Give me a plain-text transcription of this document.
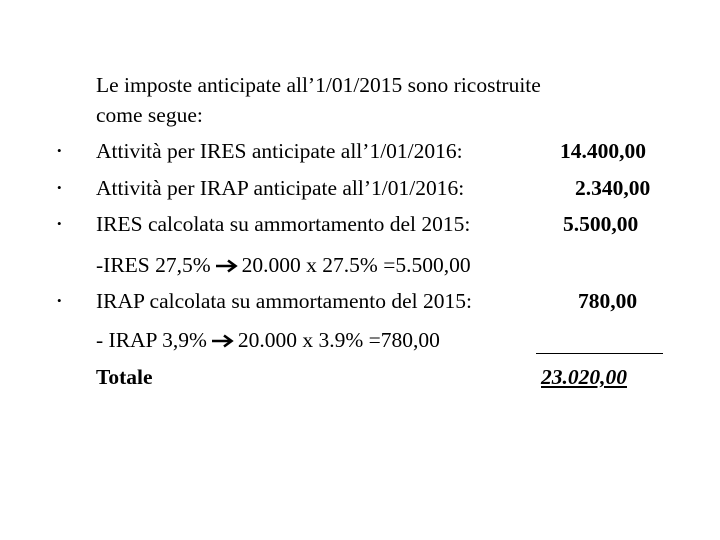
Le imposte anticipate all’1/01/2015 sono ricostruite
come segue:
• Attività per IRES anticipate all’1/01/2016:	14.400,00
• Attività per IRAP anticipate all’1/01/2016:	2.340,00
• IRES calcolata su ammortamento del 2015:	5.500,00
-IRES 27,5% 20.000 x 27.5% =5.500,00
• IRAP calcolata su ammortamento del 2015:	780,00
- IRAP 3,9% 20.000 x 3.9% =780,00
Totale	23.020,00
